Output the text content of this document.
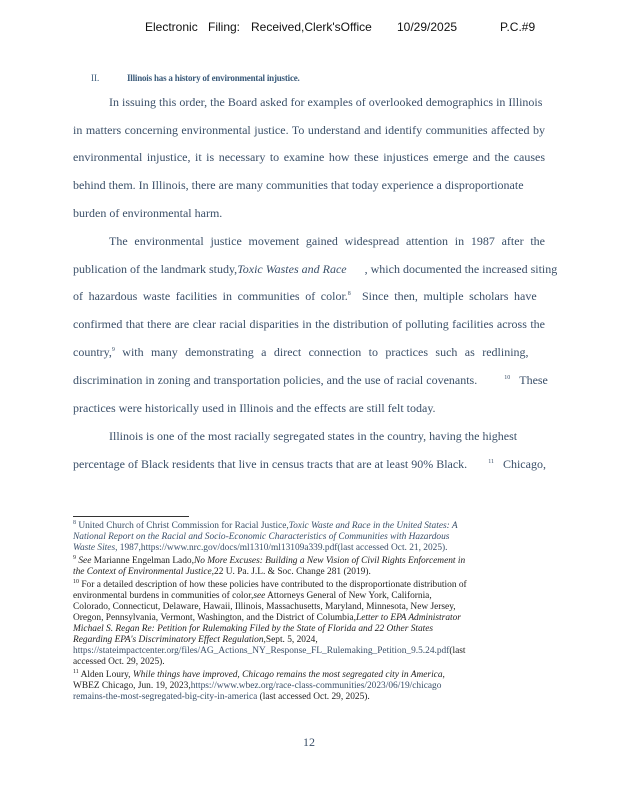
Electronic Filing: Received,Clerk'sOffice 10/29/2025	P.C.#9
II.	Illinois has a history of environmental injustice.
In issuing this order, the Board asked for examples of overlooked demographics in Illinois
in matters concerning environmental justice. To understand and identify communities affected by
environmental injustice, it is necessary to examine how these injustices emerge and the causes
behind them. In Illinois, there are many communities that today experience a disproportionate
burden of environmental harm.
The environmental justice movement gained widespread attention in 1987 after the
publication of the landmark study,Toxic Wastes and Race , which documented the increased siting
of hazardous waste facilities in communities of color.$^8$ Since then, multiple scholars have
confirmed that there are clear racial disparities in the distribution of polluting facilities across the
country,$^9$ with many demonstrating a direct connection to practices such as redlining,
discrimination in zoning and transportation policies, and the use of racial covenants.	$^{10}$ These
practices were historically used in Illinois and the effects are still felt today.
Illinois is one of the most racially segregated states in the country, having the highest
percentage of Black residents that live in census tracts that are at least 90% Black.	$^{11}$ Chicago,
$^8$ United Church of Christ Commission for Racial Justice,Toxic Waste and Race in the United States: A
National Report on the Racial and Socio-Economic Characteristics of Communities with Hazardous
Waste Sites, 1987,https://www.nrc.gov/docs/ml1310/ml13109a339.pdf(last accessed Oct. 21, 2025).
$^9$ See Marianne Engelman Lado,No More Excuses: Building a New Vision of Civil Rights Enforcement in
the Context of Environmental Justice,22 U. Pa. J.L. & Soc. Change 281 (2019).
$^{10}$ For a detailed description of how these policies have contributed to the disproportionate distribution of
environmental burdens in communities of color,see Attorneys General of New York, California,
Colorado, Connecticut, Delaware, Hawaii, Illinois, Massachusetts, Maryland, Minnesota, New Jersey,
Oregon, Pennsylvania, Vermont, Washington, and the District of Columbia,Letter to EPA Administrator
Michael S. Regan Re: Petition for Rulemaking Filed by the State of Florida and 22 Other States
Regarding EPA's Discriminatory Effect Regulation,Sept. 5, 2024,
https://stateimpactcenter.org/files/AG_Actions_NY_Response_FL_Rulemaking_Petition_9.5.24.pdf(last
accessed Oct. 29, 2025).
$^{11}$ Alden Loury, While things have improved, Chicago remains the most segregated city in America,
WBEZ Chicago, Jun. 19, 2023,https://www.wbez.org/race-class-communities/2023/06/19/chicago
remains-the-most-segregated-big-city-in-america (last accessed Oct. 29, 2025).
12
